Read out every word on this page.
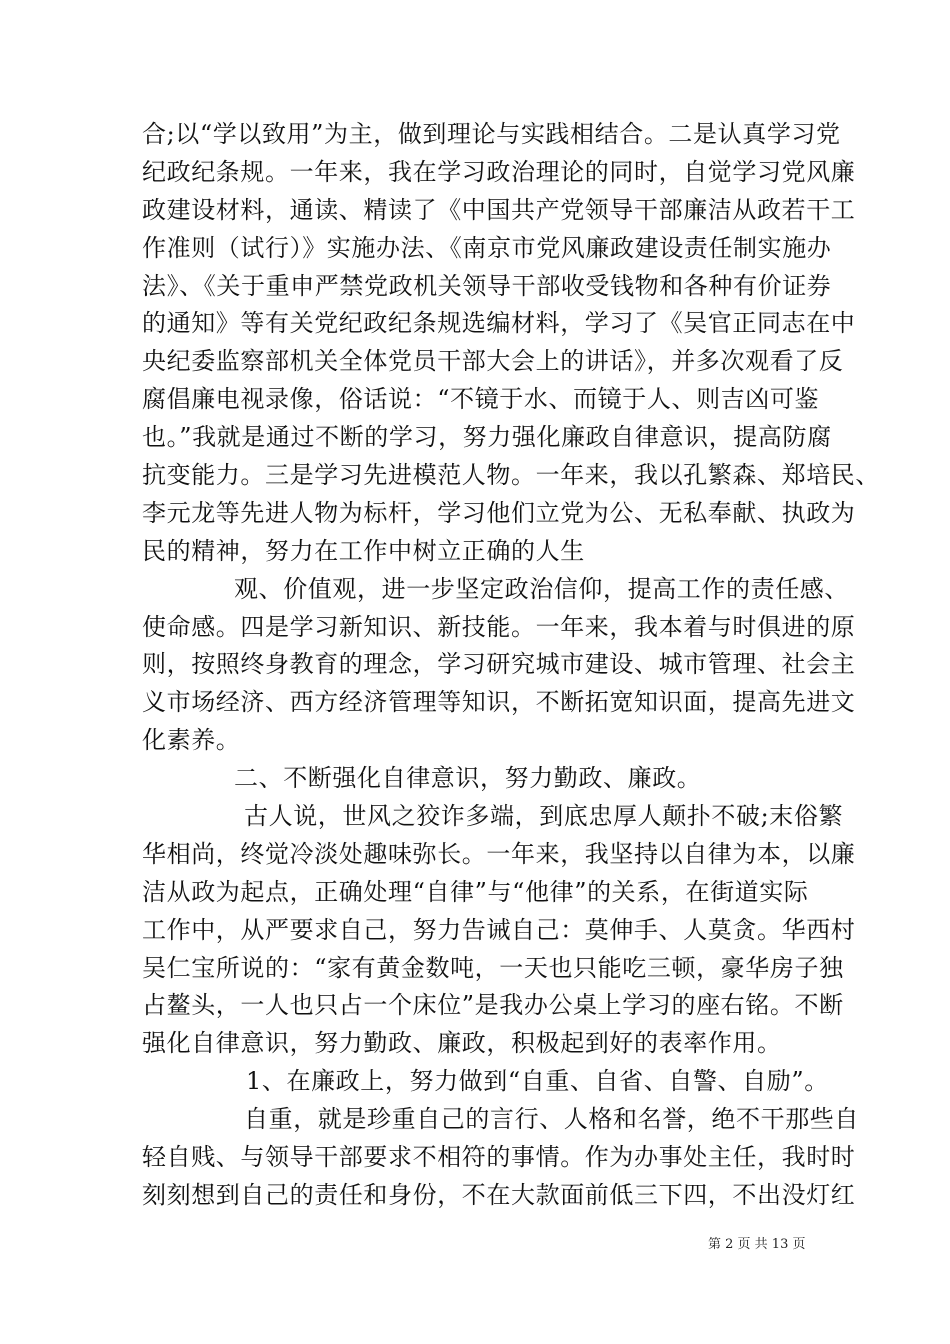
合;以“学以致用”为主，做到理论与实践相结合。二是认真学习党
纪政纪条规。一年来，我在学习政治理论的同时，自觉学习党风廉
政建设材料，通读、精读了《中国共产党领导干部廉洁从政若干工
作准则（试行）》实施办法、《南京市党风廉政建设责任制实施办
法》、《关于重申严禁党政机关领导干部收受钱物和各种有价证券
的通知》等有关党纪政纪条规选编材料，学习了《吴官正同志在中
央纪委监察部机关全体党员干部大会上的讲话》，并多次观看了反
腐倡廉电视录像，俗话说：“不镜于水、而镜于人、则吉凶可鉴
也。”我就是通过不断的学习，努力强化廉政自律意识，提高防腐
抗变能力。三是学习先进模范人物。一年来，我以孔繁森、郑培民、
李元龙等先进人物为标杆，学习他们立党为公、无私奉献、执政为
民的精神，努力在工作中树立正确的人生
观、价值观，进一步坚定政治信仰，提高工作的责任感、
使命感。四是学习新知识、新技能。一年来，我本着与时俱进的原
则，按照终身教育的理念，学习研究城市建设、城市管理、社会主
义市场经济、西方经济管理等知识，不断拓宽知识面，提高先进文
化素养。
二、不断强化自律意识，努力勤政、廉政。
古人说，世风之狡诈多端，到底忠厚人颠扑不破;末俗繁
华相尚，终觉冷淡处趣味弥长。一年来，我坚持以自律为本，以廉
洁从政为起点，正确处理“自律”与“他律”的关系，在街道实际
工作中，从严要求自己，努力告诫自己：莫伸手、人莫贪。华西村
吴仁宝所说的：“家有黄金数吨，一天也只能吃三顿，豪华房子独
占鳌头，一人也只占一个床位”是我办公桌上学习的座右铭。不断
强化自律意识，努力勤政、廉政，积极起到好的表率作用。
1、在廉政上，努力做到“自重、自省、自警、自励”。
自重，就是珍重自己的言行、人格和名誉，绝不干那些自
轻自贱、与领导干部要求不相符的事情。作为办事处主任，我时时
刻刻想到自己的责任和身份，不在大款面前低三下四，不出没灯红
第 2 页 共 13 页
